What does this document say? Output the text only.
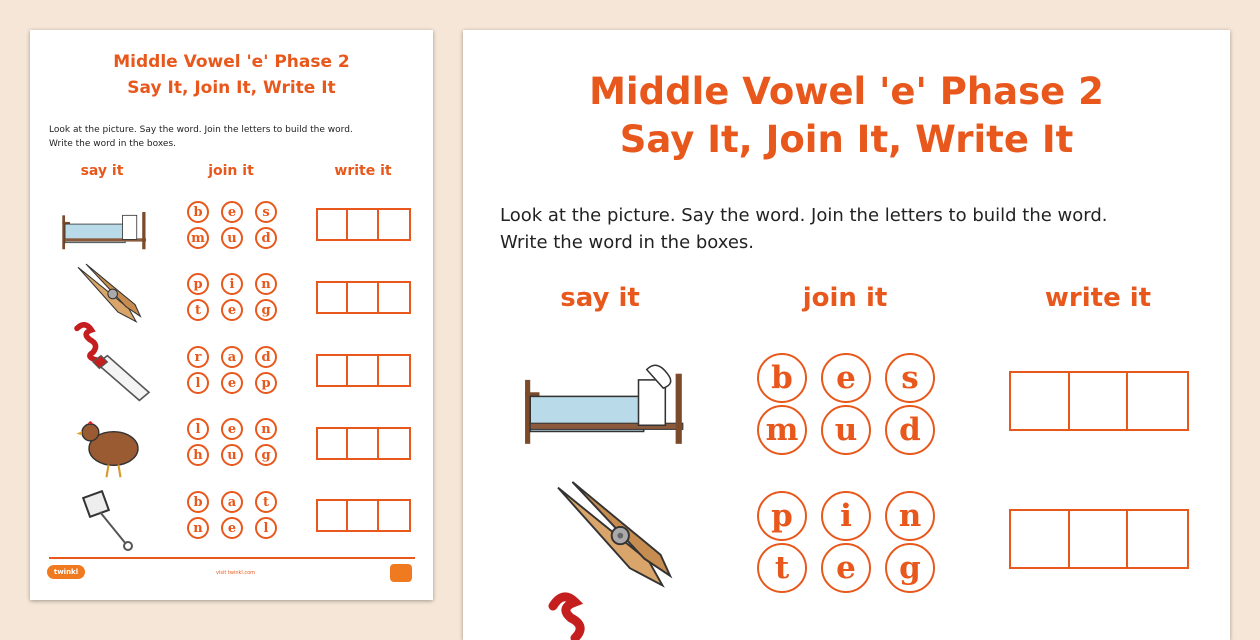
Middle Vowel 'e' Phase 2
Say It, Join It, Write It
Look at the picture. Say the word. Join the letters to build the word.
Write the word in the boxes.
say it	join it	write it
b	e	s
m	u	d
p	i	n
t	e	g
r	a	d
l	e	p
l	e	n
h	u	g
b	a	t
n	e	l
twinkl	visit twinkl.com
Middle Vowel 'e' Phase 2
Say It, Join It, Write It
Look at the picture. Say the word. Join the letters to build the word.
Write the word in the boxes.
say it	join it	write it
b	e	s
m	u	d
p	i	n
t	e	g
